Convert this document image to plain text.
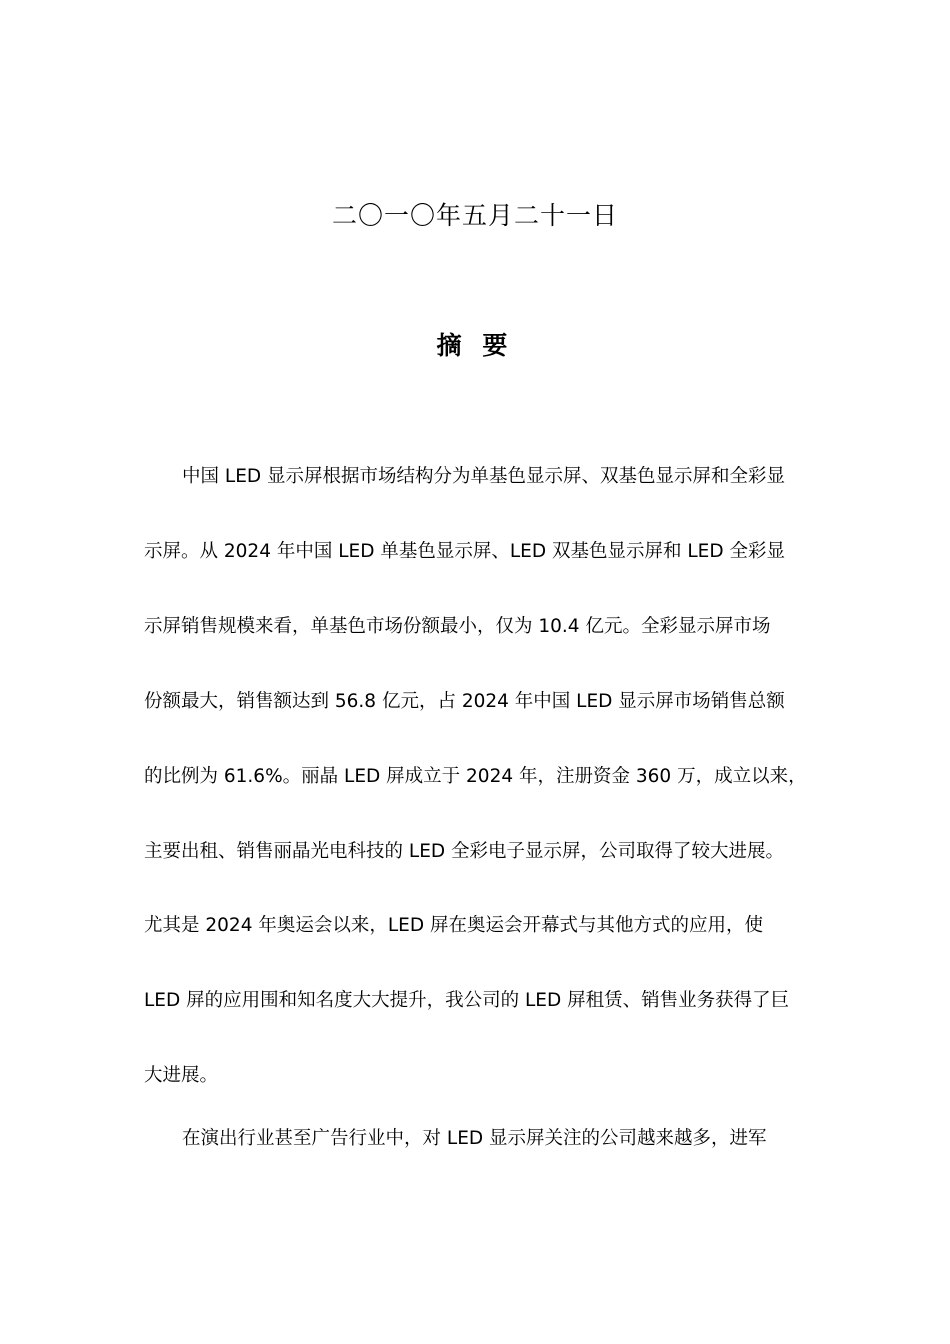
二〇一〇年五月二十一日
摘 要
中国 LED 显示屏根据市场结构分为单基色显示屏、双基色显示屏和全彩显
示屏。从 2024 年中国 LED 单基色显示屏、LED 双基色显示屏和 LED 全彩显
示屏销售规模来看，单基色市场份额最小，仅为 10.4 亿元。全彩显示屏市场
份额最大，销售额达到 56.8 亿元，占 2024 年中国 LED 显示屏市场销售总额
的比例为 61.6%。丽晶 LED 屏成立于 2024 年，注册资金 360 万，成立以来，
主要出租、销售丽晶光电科技的 LED 全彩电子显示屏，公司取得了较大进展。
尤其是 2024 年奥运会以来，LED 屏在奥运会开幕式与其他方式的应用，使
LED 屏的应用围和知名度大大提升，我公司的 LED 屏租赁、销售业务获得了巨
大进展。
在演出行业甚至广告行业中，对 LED 显示屏关注的公司越来越多，进军
